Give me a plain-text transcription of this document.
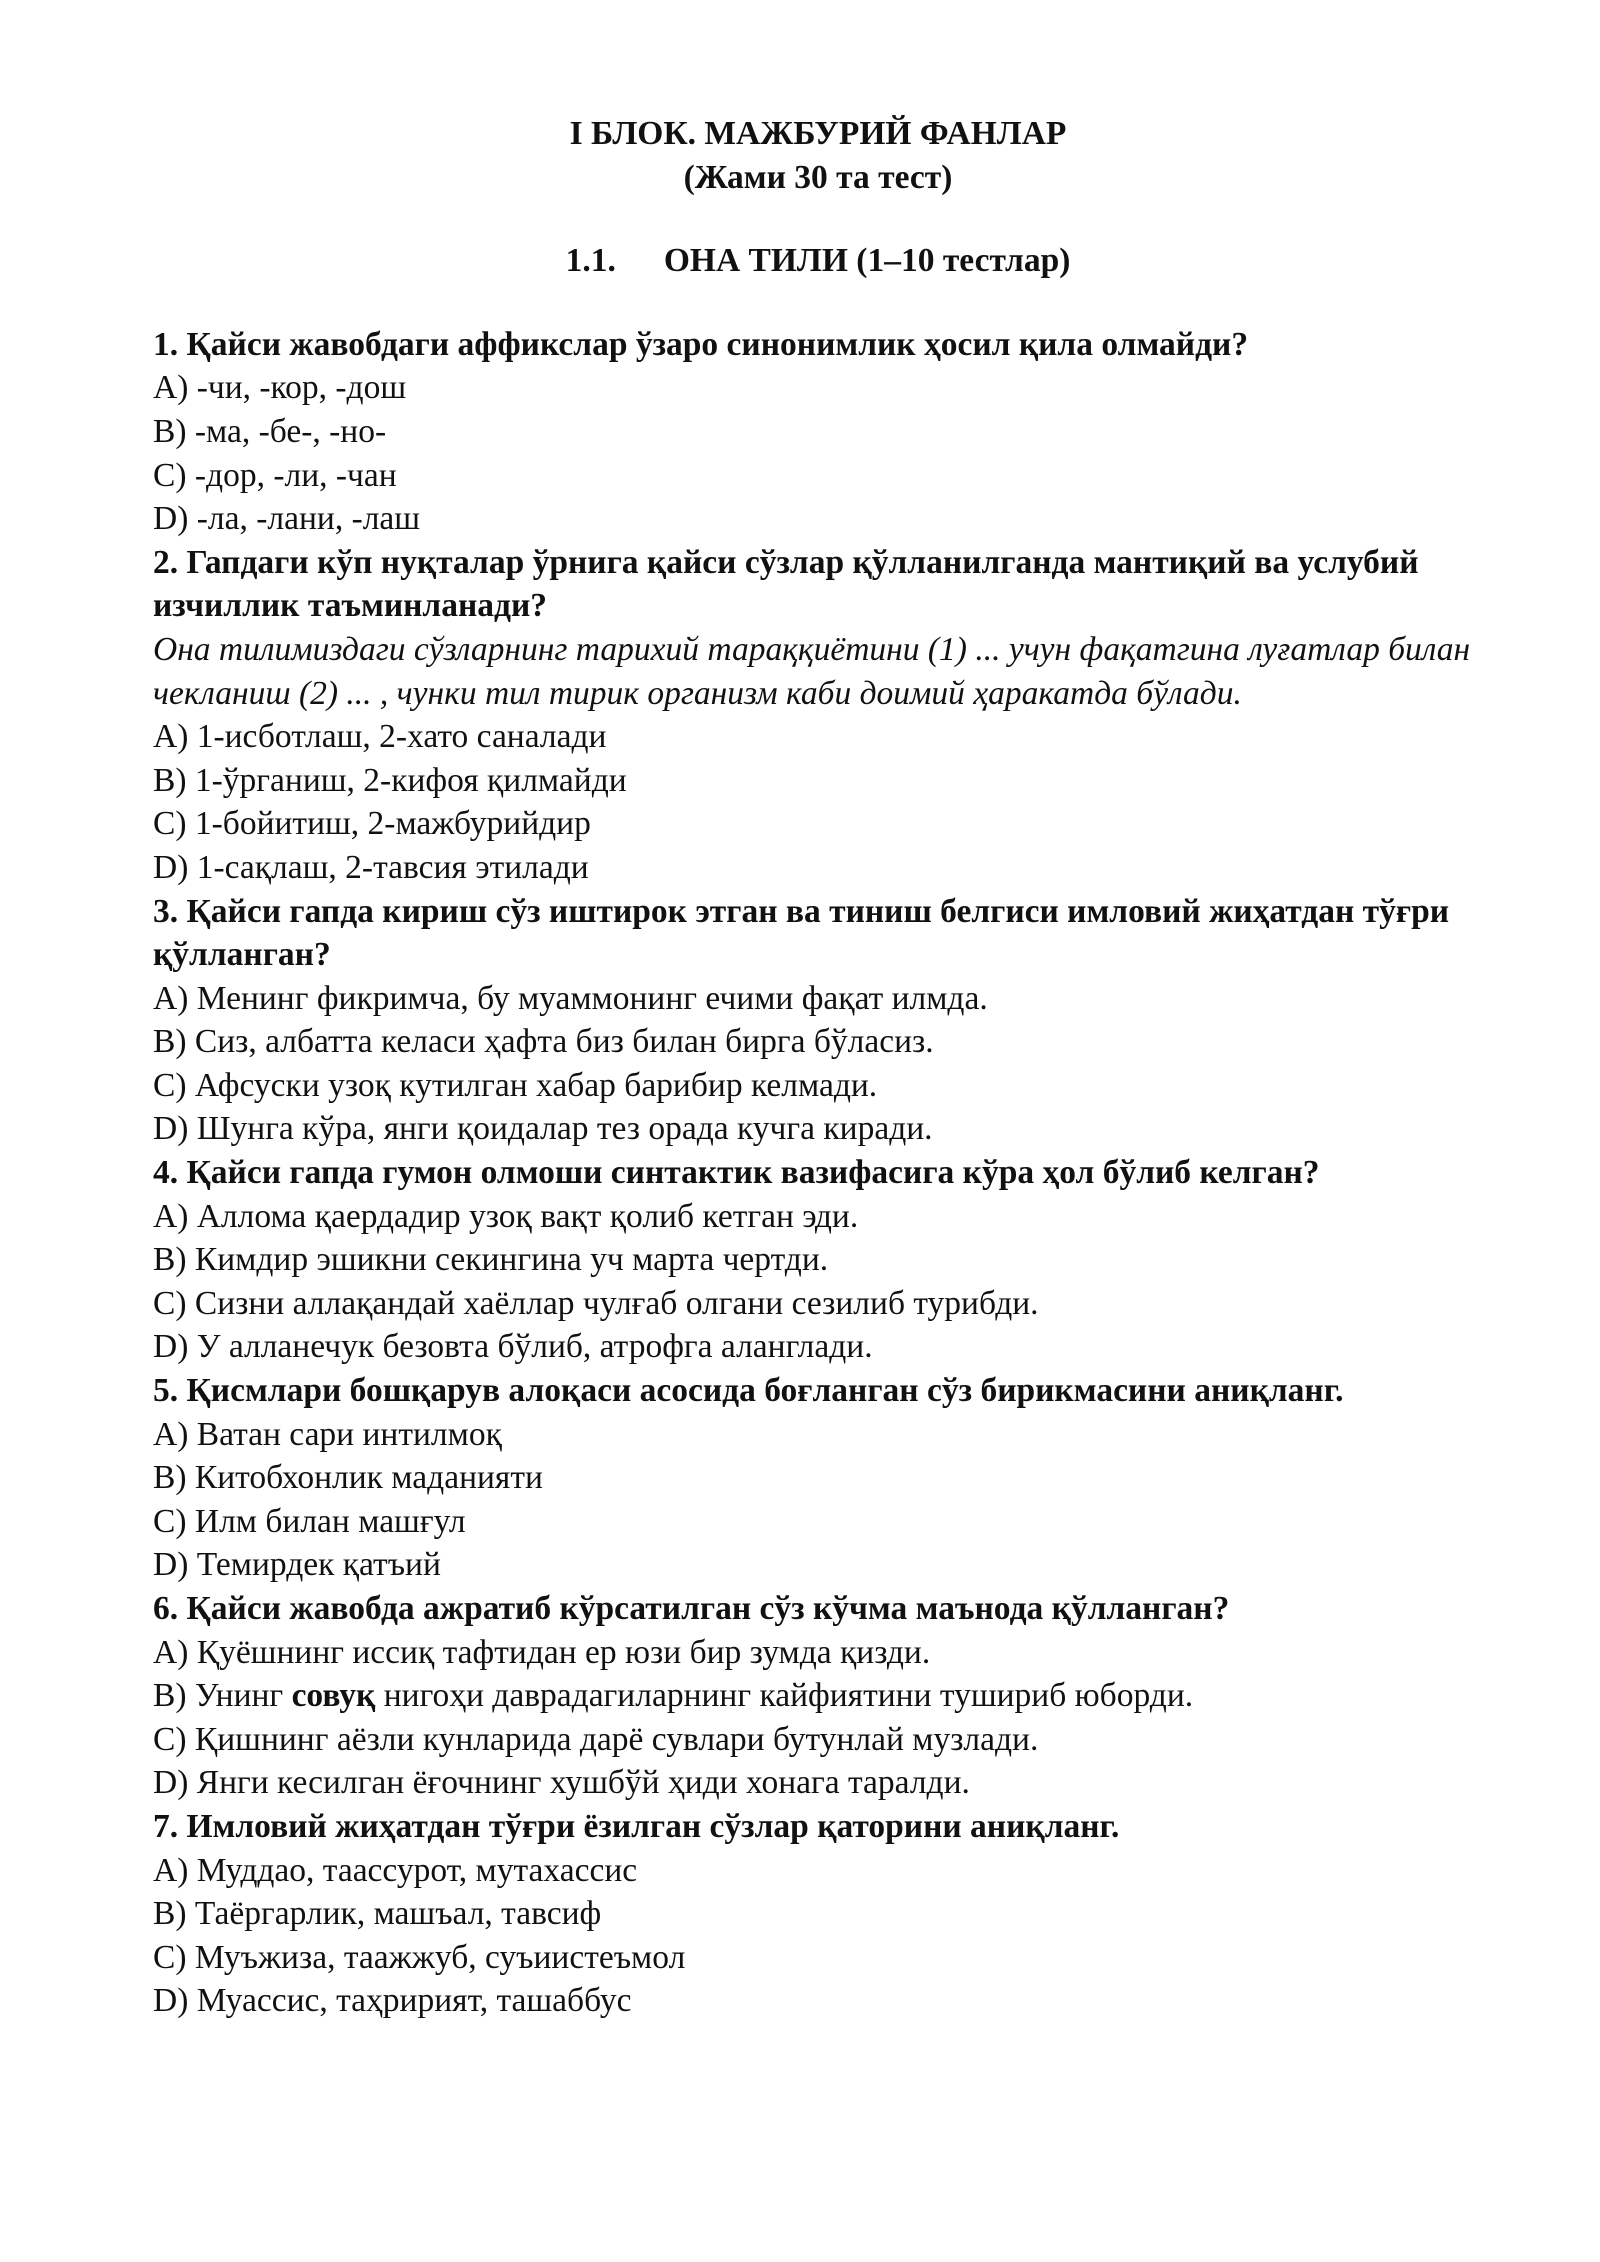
I БЛОК. МАЖБУРИЙ ФАНЛАР

(Жами 30 та тест)

1.1. ОНА ТИЛИ (1–10 тестлар)

1. Қайси жавобдаги аффикслар ўзаро синонимлик ҳосил қила олмайди?

A) -чи, -кор, -дош

B) -ма, -бе-, -но-

C) -дор, -ли, -чан

D) -ла, -лани, -лаш

2. Гапдаги кўп нуқталар ўрнига қайси сўзлар қўлланилганда мантиқий ва услубий изчиллик таъминланади?

Она тилимиздаги сўзларнинг тарихий тараққиётини (1) ... учун фақатгина луғатлар билан чекланиш (2) ... , чунки тил тирик организм каби доимий ҳаракатда бўлади.

A) 1-исботлаш, 2-хато саналади

B) 1-ўрганиш, 2-кифоя қилмайди

C) 1-бойитиш, 2-мажбурийдир

D) 1-сақлаш, 2-тавсия этилади

3. Қайси гапда кириш сўз иштирок этган ва тиниш белгиси имловий жиҳатдан тўғри қўлланган?

A) Менинг фикримча, бу муаммонинг ечими фақат илмда.

B) Сиз, албатта келаси ҳафта биз билан бирга бўласиз.

C) Афсуски узоқ кутилган хабар барибир келмади.

D) Шунга кўра, янги қоидалар тез орада кучга киради.

4. Қайси гапда гумон олмоши синтактик вазифасига кўра ҳол бўлиб келган?

A) Аллома қаердадир узоқ вақт қолиб кетган эди.

B) Кимдир эшикни секингина уч марта чертди.

C) Сизни аллақандай хаёллар чулғаб олгани сезилиб турибди.

D) У алланечук безовта бўлиб, атрофга аланглади.

5. Қисмлари бошқарув алоқаси асосида боғланган сўз бирикмасини аниқланг.

A) Ватан сари интилмоқ

B) Китобхонлик маданияти

C) Илм билан машғул

D) Темирдек қатъий

6. Қайси жавобда ажратиб кўрсатилган сўз кўчма маънода қўлланган?

A) Қуёшнинг иссиқ тафтидан ер юзи бир зумда қизди.

B) Унинг совуқ нигоҳи даврадагиларнинг кайфиятини тушириб юборди.

C) Қишнинг аёзли кунларида дарё сувлари бутунлай музлади.

D) Янги кесилган ёғочнинг хушбўй ҳиди хонага таралди.

7. Имловий жиҳатдан тўғри ёзилган сўзлар қаторини аниқланг.

A) Муддао, таассурот, мутахассис

B) Таёргарлик, машъал, тавсиф

C) Муъжиза, таажжуб, суъиистеъмол

D) Муассис, таҳририят, ташаббус
